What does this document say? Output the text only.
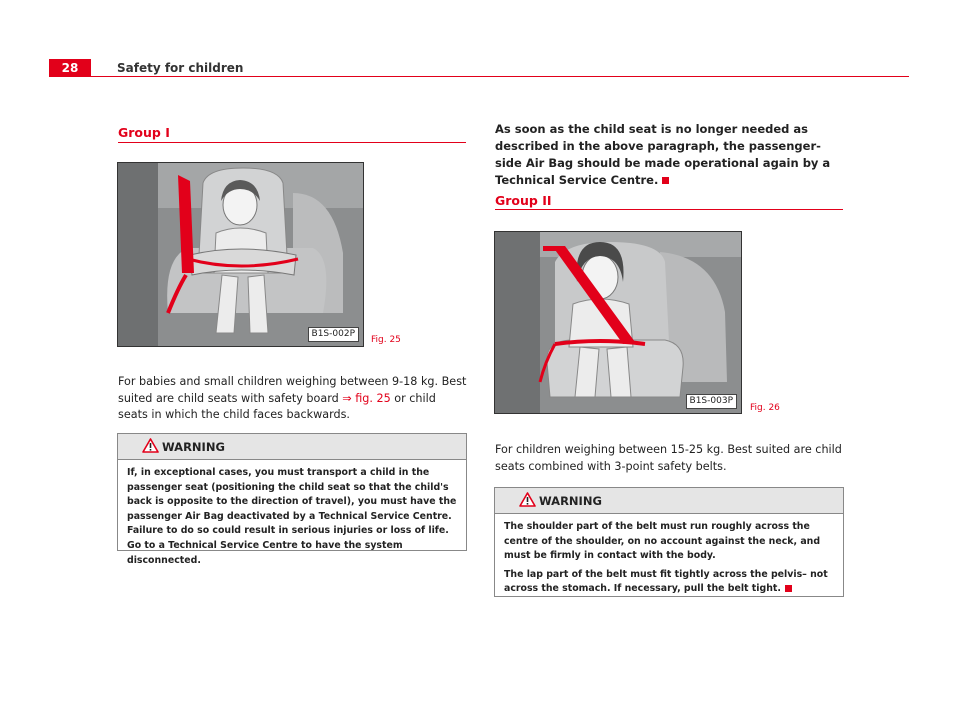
28	Safety for children
Group I
B1S-002P
Fig. 25
For babies and small children weighing between 9-18 kg. Best suited are child seats with safety board ⇒ fig. 25 or child seats in which the child faces backwards.
WARNING

If, in exceptional cases, you must transport a child in the passenger seat (positioning the child seat so that the child's back is opposite to the direction of travel), you must have the passenger Air Bag deactivated by a Technical Service Centre. Failure to do so could result in serious injuries or loss of life. Go to a Technical Service Centre to have the system disconnected.

As soon as the child seat is no longer needed as described in the above paragraph, the passenger-side Air Bag should be made operational again by a Technical Service Centre.
Group II
B1S-003P
Fig. 26
For children weighing between 15-25 kg. Best suited are child seats combined with 3-point safety belts.
WARNING

The shoulder part of the belt must run roughly across the centre of the shoulder, on no account against the neck, and must be firmly in contact with the body.

The lap part of the belt must fit tightly across the pelvis– not across the stomach. If necessary, pull the belt tight.
